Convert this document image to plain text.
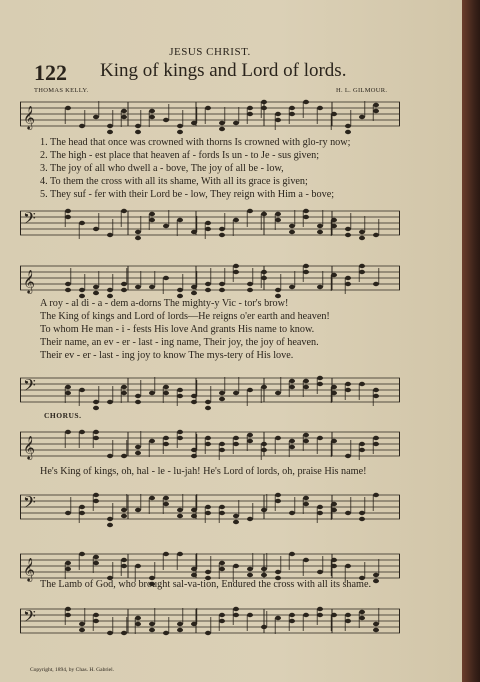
JESUS CHRIST.
122 King of kings and Lord of lords.
THOMAS KELLY.	H. L. GILMOUR.
𝄞
1. The head that once was crowned with thorns Is crowned with glo-ry now;
2. The high - est place that heaven af - fords Is un - to Je - sus given;
3. The joy of all who dwell a - bove, The joy of all be - low,
4. To them the cross with all its shame, With all its grace is given;
5. They suf - fer with their Lord be - low, They reign with Him a - bove;
𝄢
𝄞
A roy - al di - a - dem a-dorns The mighty-y Vic - tor's brow!
The King of kings and Lord of lords—He reigns o'er earth and heaven!
To whom He man - i - fests His love And grants His name to know.
Their name, an ev - er - last - ing name, Their joy, the joy of heaven.
Their ev - er - last - ing joy to know The mys-tery of His love.
𝄢
CHORUS.
𝄞
He's King of kings, oh, hal - le - lu-jah! He's Lord of lords, oh, praise His name!
𝄢
𝄞
The Lamb of God, who brought sal-va-tion, Endured the cross with all its shame.
𝄢
Copyright, 1894, by Chas. H. Gabriel.
